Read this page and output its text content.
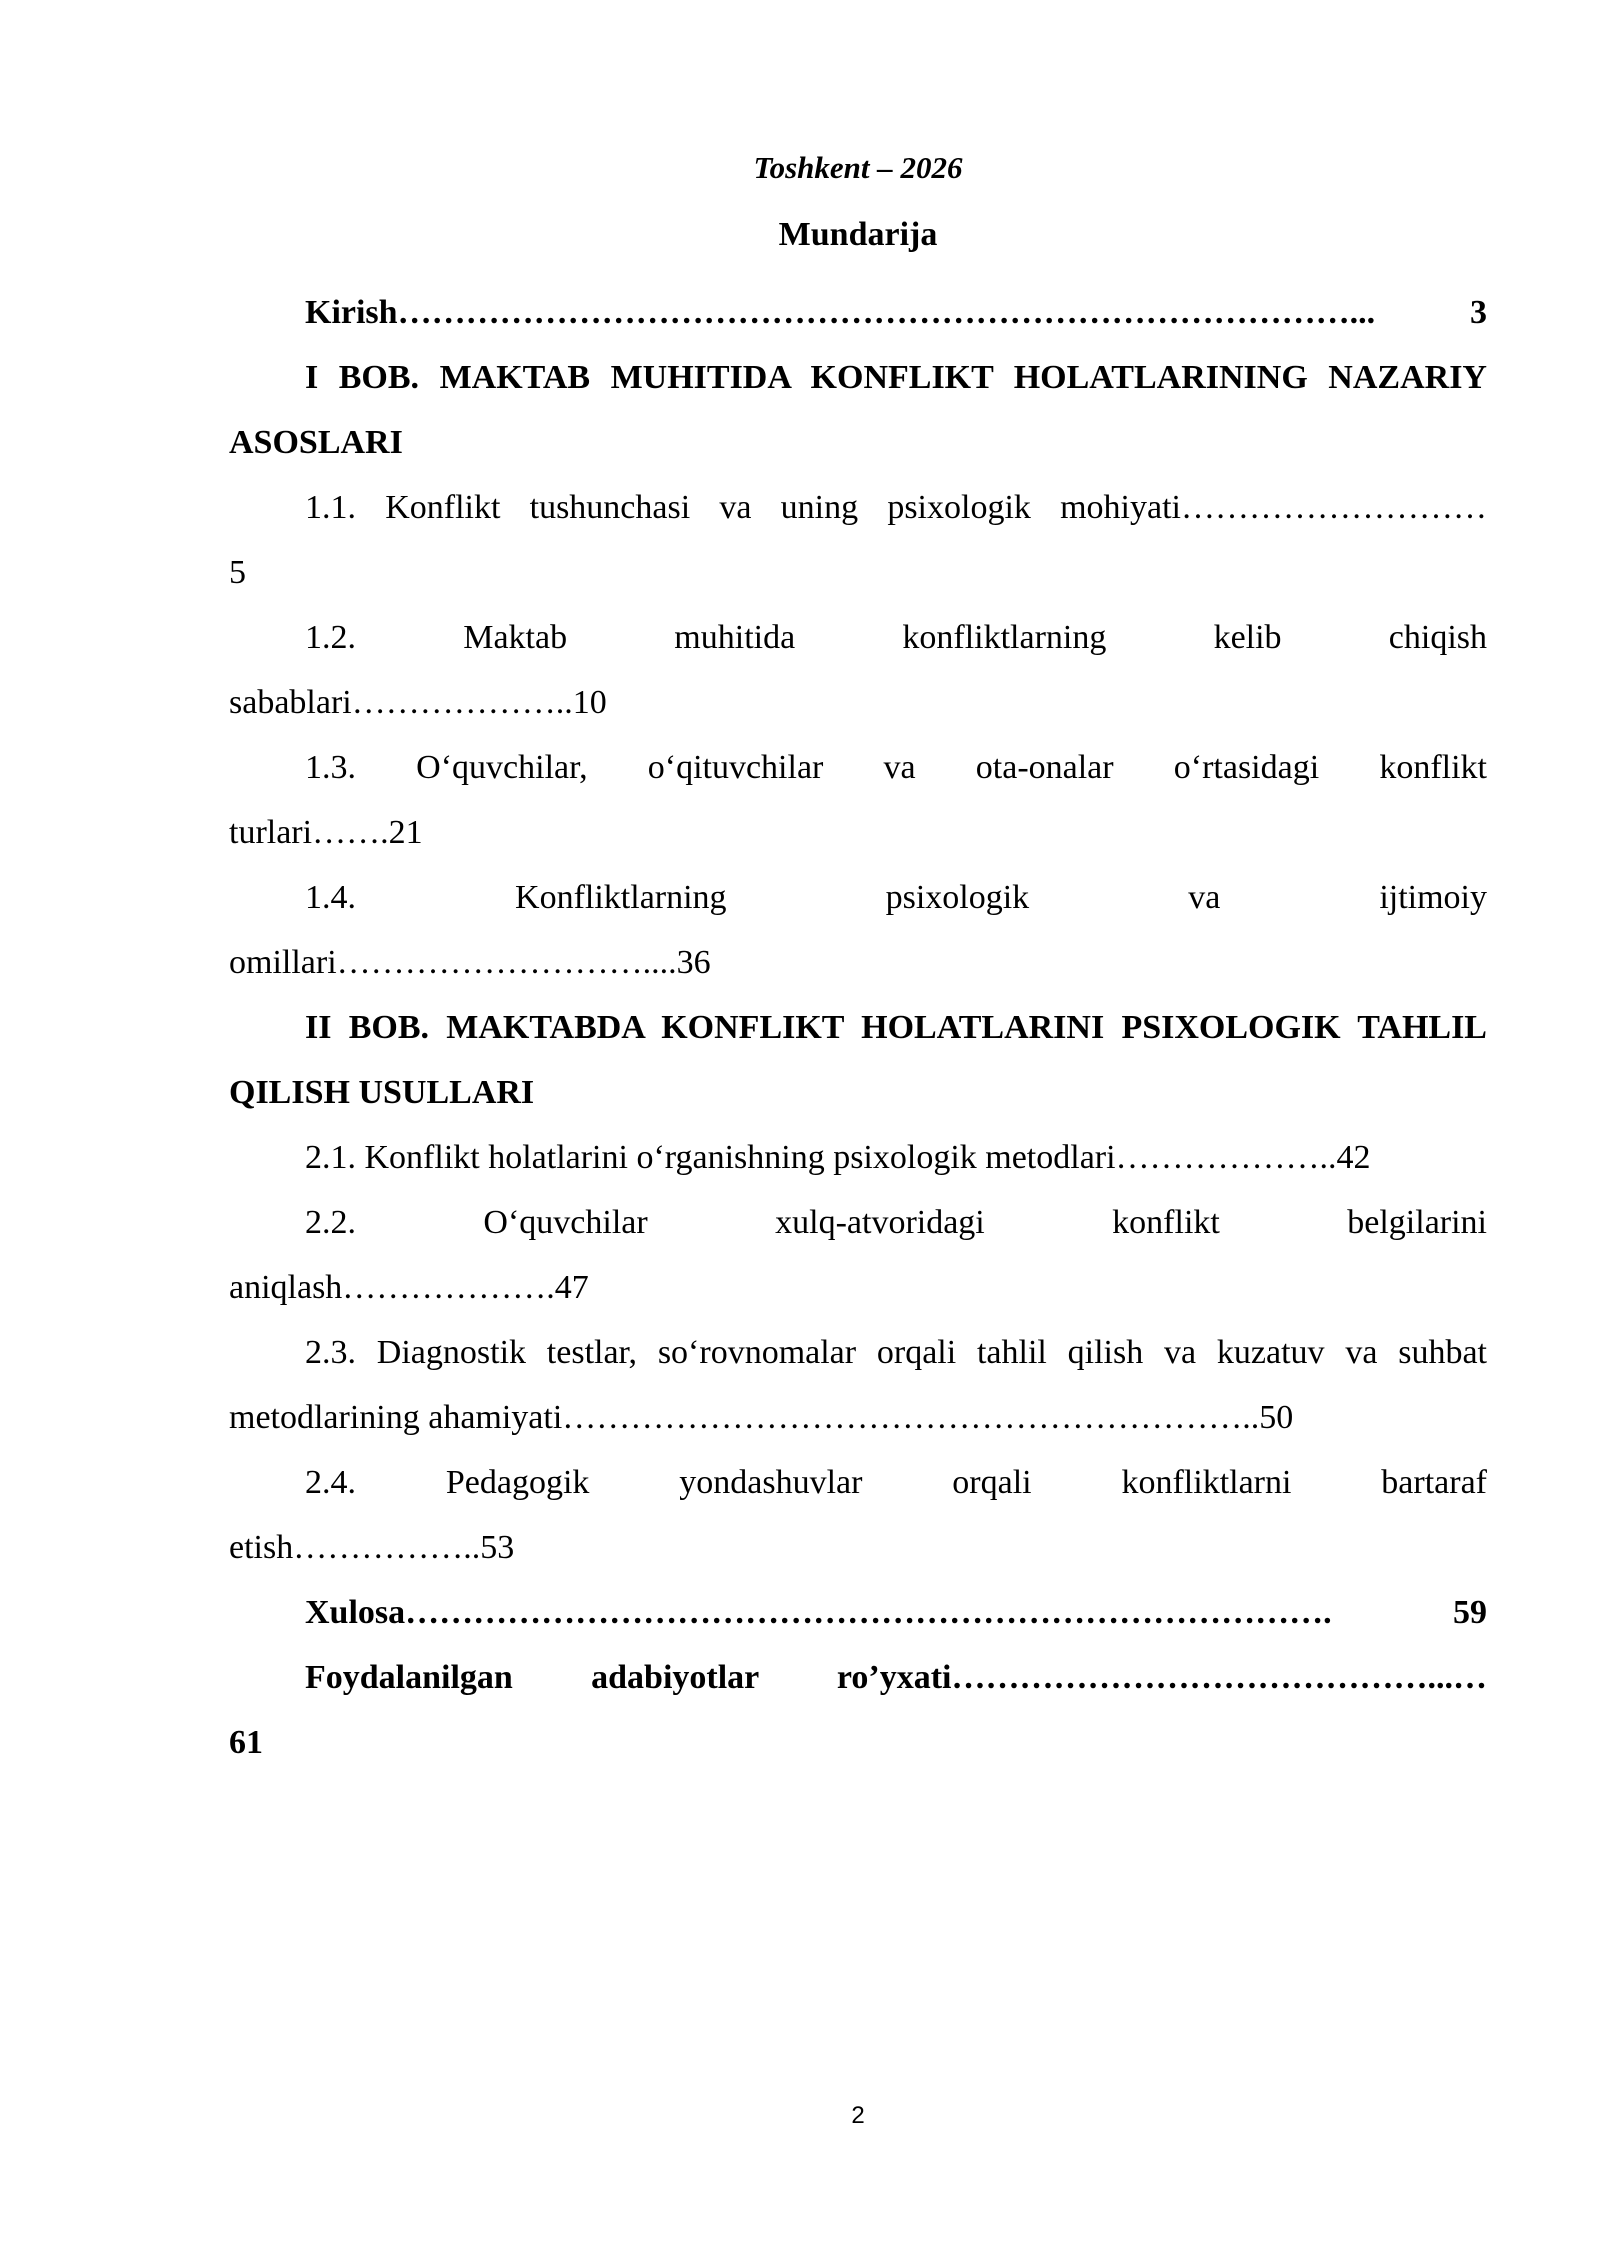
Toshkent – 2026
Mundarija
Kirish …………………………………………………………………………...	3

I BOB. MAKTAB MUHITIDA KONFLIKT HOLATLARINING NAZARIY ASOSLARI

1.1. Konflikt tushunchasi va uning psixologik mohiyati………………………
5

1.2. Maktab muhitida konfliktlarning kelib chiqish
sabablari………………..10

1.3. O‘quvchilar, o‘qituvchilar va ota-onalar o‘rtasidagi konflikt
turlari…….21

1.4. Konfliktlarning psixologik va ijtimoiy
omillari………………………....36

II BOB. MAKTABDA KONFLIKT HOLATLARINI PSIXOLOGIK TAHLIL QILISH USULLARI

2.1. Konflikt holatlarini o‘rganishning psixologik metodlari………………..42

2.2. O‘quvchilar xulq-atvoridagi konflikt belgilarini
aniqlash……………….47

2.3. Diagnostik testlar, so‘rovnomalar orqali tahlil qilish va kuzatuv va suhbat
metodlarining ahamiyati……………………………………………………..50

2.4. Pedagogik yondashuvlar orqali konfliktlarni bartaraf
etish……………..53

Xulosa ……………………………………………………………………….	59

Foydalanilgan adabiyotlar ro’yxati……………………………………...…
61

2
